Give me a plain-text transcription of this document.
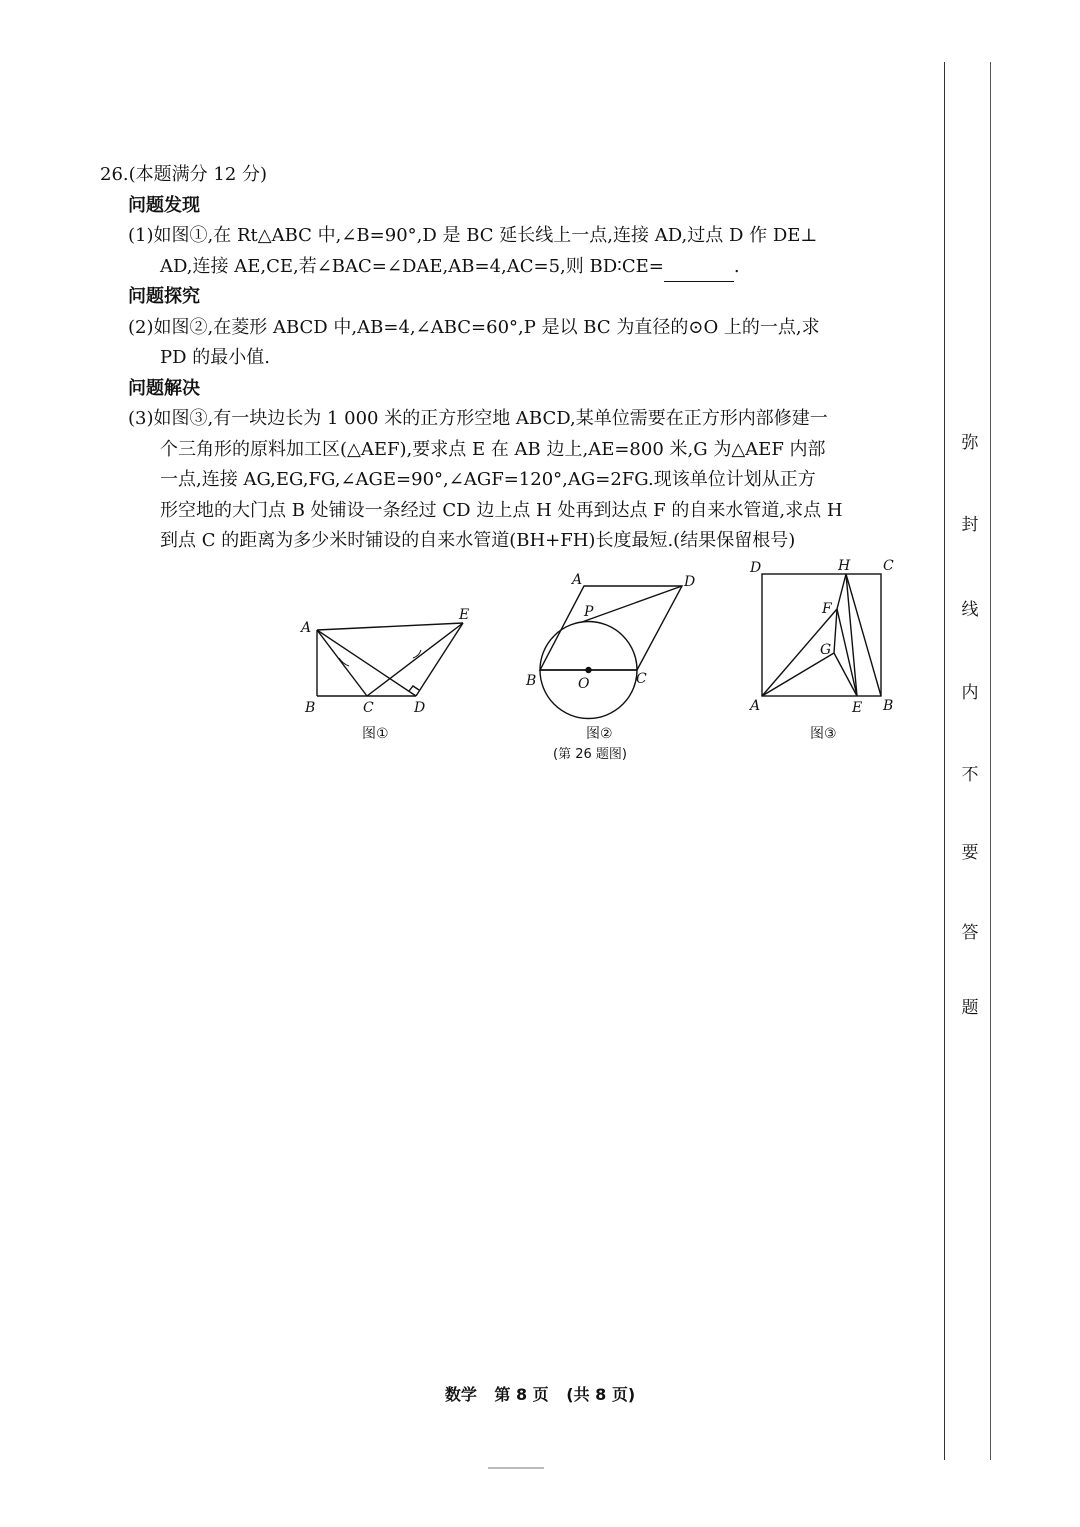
26.(本题满分 12 分)

问题发现

(1)如图①,在 Rt△ABC 中,∠B=90°,D 是 BC 延长线上一点,连接 AD,过点 D 作 DE⊥

AD,连接 AE,CE,若∠BAC=∠DAE,AB=4,AC=5,则 BD∶CE=	.

问题探究

(2)如图②,在菱形 ABCD 中,AB=4,∠ABC=60°,P 是以 BC 为直径的⊙O 上的一点,求

PD 的最小值.

问题解决

(3)如图③,有一块边长为 1 000 米的正方形空地 ABCD,某单位需要在正方形内部修建一

个三角形的原料加工区(△AEF),要求点 E 在 AB 边上,AE=800 米,G 为△AEF 内部

一点,连接 AG,EG,FG,∠AGE=90°,∠AGF=120°,AG=2FG.现该单位计划从正方

形空地的大门点 B 处铺设一条经过 CD 边上点 H 处再到达点 F 的自来水管道,求点 H

到点 C 的距离为多少米时铺设的自来水管道(BH+FH)长度最短.(结果保留根号)

A
B	C	D
E
图①
A	D
P
B	O	C
图②
(第 26 题图)
D	H C
F
G
A	E B
图③
数学 第 8 页 (共 8 页)
弥
封
线
内
不
要
答
题
